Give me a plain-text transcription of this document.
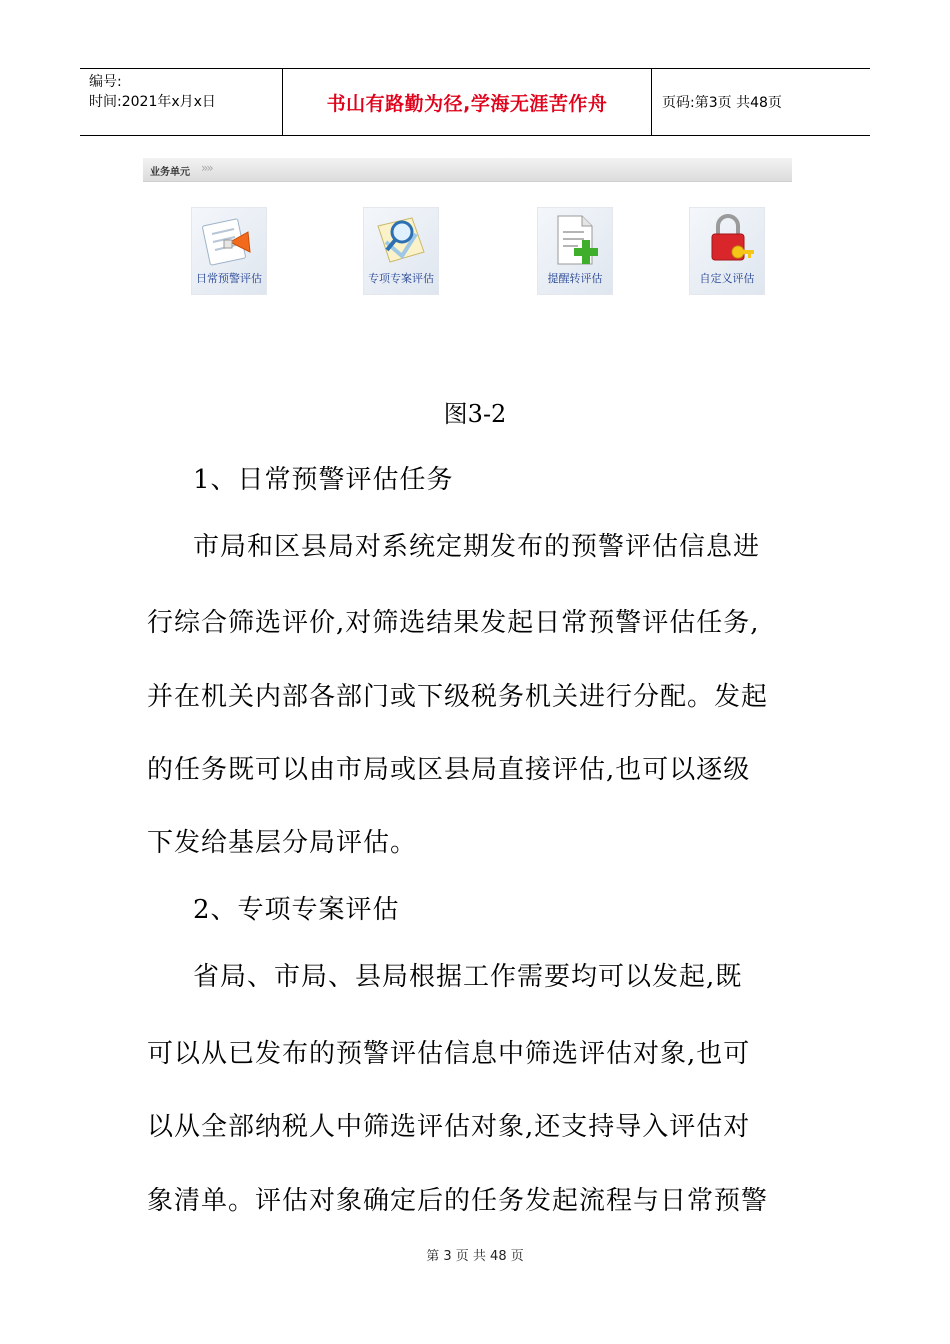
编号:
时间:2021年x月x日	书山有路勤为径,学海无涯苦作舟	页码:第3页 共48页
业务单元 »»
日常预警评估	专项专案评估	提醒转评估	自定义评估
图3-2
1、日常预警评估任务
市局和区县局对系统定期发布的预警评估信息进
行综合筛选评价,对筛选结果发起日常预警评估任务,
并在机关内部各部门或下级税务机关进行分配。发起
的任务既可以由市局或区县局直接评估,也可以逐级
下发给基层分局评估。
2、专项专案评估
省局、市局、县局根据工作需要均可以发起,既
可以从已发布的预警评估信息中筛选评估对象,也可
以从全部纳税人中筛选评估对象,还支持导入评估对
象清单。评估对象确定后的任务发起流程与日常预警
第 3 页 共 48 页
